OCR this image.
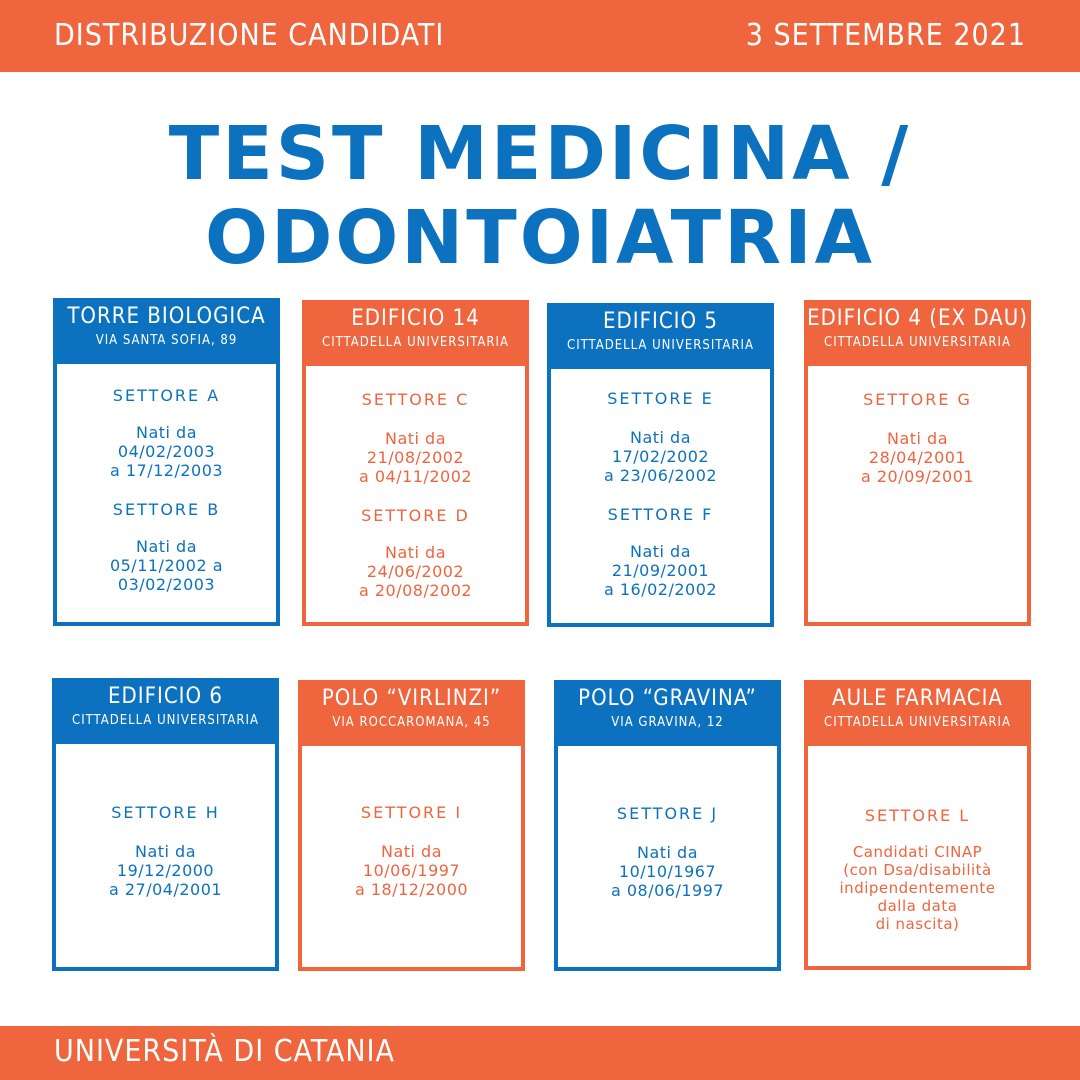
DISTRIBUZIONE CANDIDATI	3 SETTEMBRE 2021
TEST MEDICINA /
ODONTOIATRIA
TORRE BIOLOGICA
VIA SANTA SOFIA, 89

SETTORE A

Nati da
04/02/2003
a 17/12/2003

SETTORE B

Nati da
05/11/2002 a
03/02/2003

EDIFICIO 14
CITTADELLA UNIVERSITARIA

SETTORE C

Nati da
21/08/2002
a 04/11/2002

SETTORE D

Nati da
24/06/2002
a 20/08/2002

EDIFICIO 5
CITTADELLA UNIVERSITARIA

SETTORE E

Nati da
17/02/2002
a 23/06/2002

SETTORE F

Nati da
21/09/2001
a 16/02/2002

EDIFICIO 4 (EX DAU)
CITTADELLA UNIVERSITARIA

SETTORE G

Nati da
28/04/2001
a 20/09/2001

EDIFICIO 6
CITTADELLA UNIVERSITARIA

SETTORE H

Nati da
19/12/2000
a 27/04/2001

POLO “VIRLINZI”
VIA ROCCAROMANA, 45

SETTORE I

Nati da
10/06/1997
a 18/12/2000

POLO “GRAVINA”
VIA GRAVINA, 12

SETTORE J

Nati da
10/10/1967
a 08/06/1997

AULE FARMACIA
CITTADELLA UNIVERSITARIA

SETTORE L

Candidati CINAP
(con Dsa/disabilità
indipendentemente
dalla data
di nascita)

UNIVERSITÀ DI CATANIA
